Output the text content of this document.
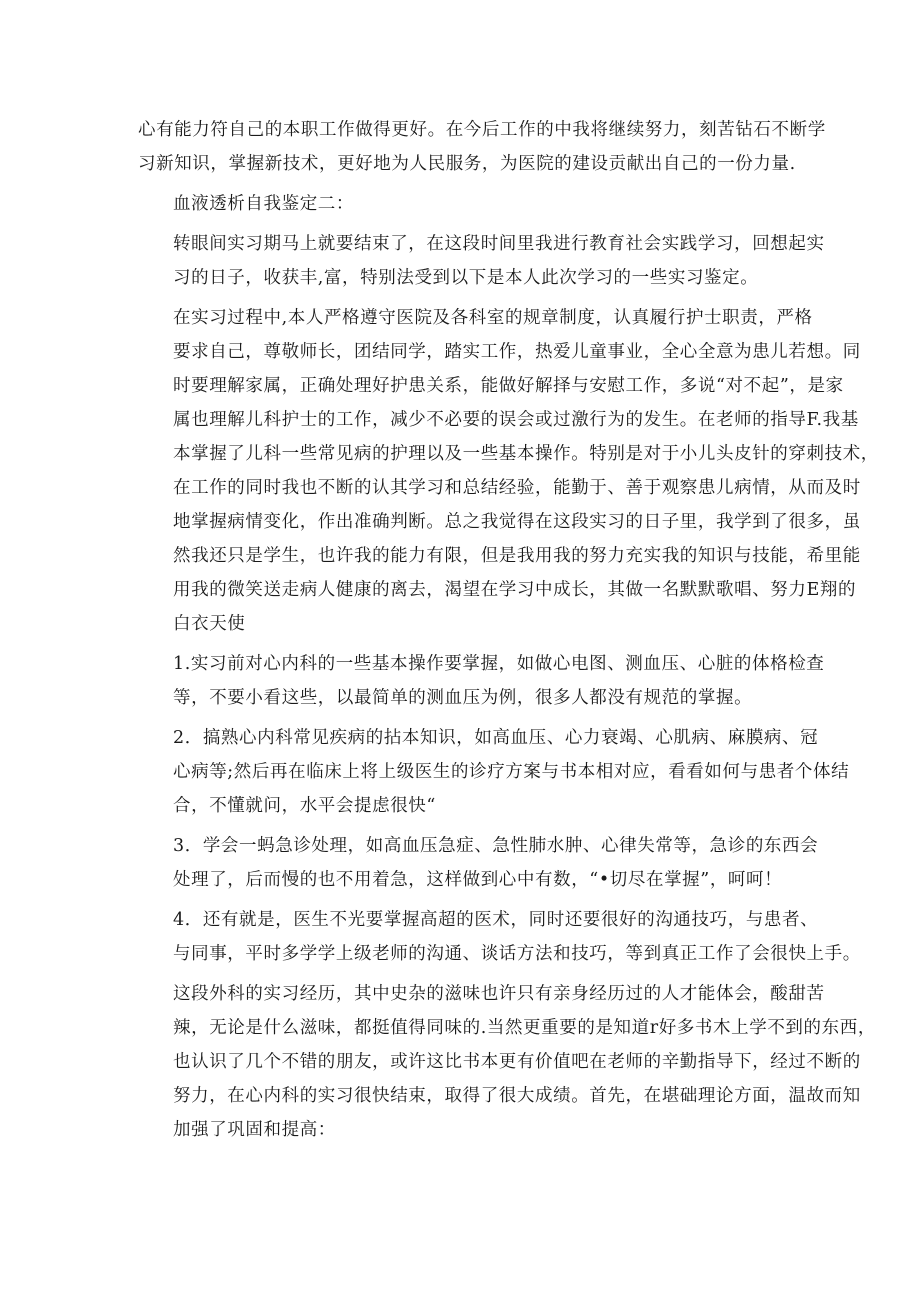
心有能力符自己的本职工作做得更好。在今后工作的中我将继续努力，刻苦钻石不断学
习新知识，掌握新技术，更好地为人民服务，为医院的建设贡献出自己的一份力量.
血液透析自我鉴定二：
转眼间实习期马上就要结束了，在这段时间里我进行教育社会实践学习，回想起实
习的日子，收获丰,富，特别法受到以下是本人此次学习的一些实习鉴定。
在实习过程中,本人严格遵守医院及各科室的规章制度，认真履行护士职责，严格
要求自己，尊敬师长，团结同学，踏实工作，热爱儿童事业，全心全意为患儿若想。同
时要理解家属，正确处理好护患关系，能做好解择与安慰工作，多说“对不起”，是家
属也理解儿科护士的工作，减少不必要的误会或过激行为的发生。在老师的指导F.我基
本掌握了儿科一些常见病的护理以及一些基本操作。特别是对于小儿头皮针的穿刺技术，
在工作的同时我也不断的认其学习和总结经验，能勤于、善于观察患儿病情，从而及时
地掌握病情变化，作出准确判断。总之我觉得在这段实习的日子里，我学到了很多，虽
然我还只是学生，也许我的能力有限，但是我用我的努力充实我的知识与技能，希里能
用我的微笑送走病人健康的离去，渴望在学习中成长，其做一名默默歌唱、努力E翔的
白衣天使
1.实习前对心内科的一些基本操作要掌握，如做心电图、测血压、心脏的体格检查
等，不要小看这些，以最简单的测血压为例，很多人都没有规范的掌握。
2．搞熟心内科常见疾病的拈本知识，如高血压、心力衰竭、心肌病、麻膜病、冠
心病等;然后再在临床上将上级医生的诊疗方案与书本相对应，看看如何与患者个体结
合，不懂就问，水平会提虑很快“
3．学会一蚂急诊处理，如高血压急症、急性肺水肿、心律失常等，急诊的东西会
处理了，后而慢的也不用着急，这样做到心中有数，“•切尽在掌握”，呵呵！
4．还有就是，医生不光要掌握高超的医术，同时还要很好的沟通技巧，与患者、
与同事，平时多学学上级老师的沟通、谈话方法和技巧，等到真正工作了会很快上手。
这段外科的实习经历，其中史杂的滋味也许只有亲身经历过的人才能体会，酸甜苦
辣，无论是什么滋味，都挺值得同味的.当然更重要的是知道r好多书木上学不到的东西，
也认识了几个不错的朋友，或许这比书本更有价值吧在老师的辛勤指导下，经过不断的
努力，在心内科的实习很快结束，取得了很大成绩。首先，在堪础理论方面，温故而知
加强了巩固和提高：
